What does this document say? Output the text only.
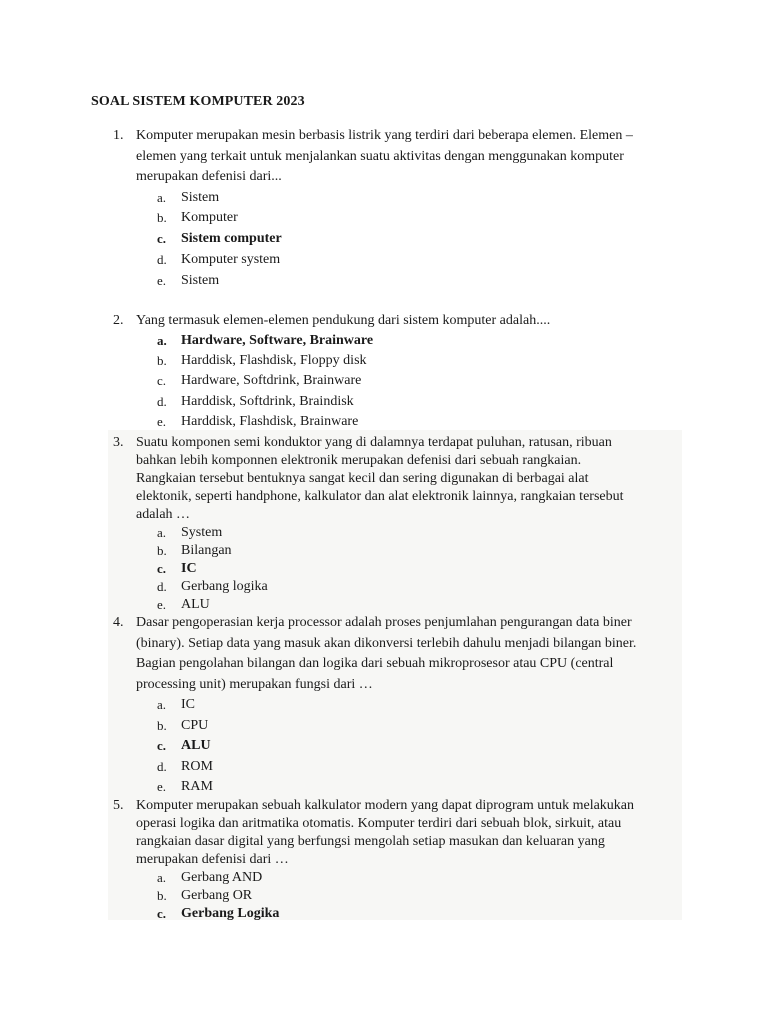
SOAL SISTEM KOMPUTER 2023
1. Komputer merupakan mesin berbasis listrik yang terdiri dari beberapa elemen. Elemen –
elemen yang terkait untuk menjalankan suatu aktivitas dengan menggunakan komputer
merupakan defenisi dari...
a. Sistem
b. Komputer
c. Sistem computer
d. Komputer system
e. Sistem
2. Yang termasuk elemen-elemen pendukung dari sistem komputer adalah....
a. Hardware, Software, Brainware
b. Harddisk, Flashdisk, Floppy disk
c. Hardware, Softdrink, Brainware
d. Harddisk, Softdrink, Braindisk
e. Harddisk, Flashdisk, Brainware
3. Suatu komponen semi konduktor yang di dalamnya terdapat puluhan, ratusan, ribuan
bahkan lebih komponnen elektronik merupakan defenisi dari sebuah rangkaian.
Rangkaian tersebut bentuknya sangat kecil dan sering digunakan di berbagai alat
elektonik, seperti handphone, kalkulator dan alat elektronik lainnya, rangkaian tersebut
adalah …
a. System
b. Bilangan
c. IC
d. Gerbang logika
e. ALU
4. Dasar pengoperasian kerja processor adalah proses penjumlahan pengurangan data biner
(binary). Setiap data yang masuk akan dikonversi terlebih dahulu menjadi bilangan biner.
Bagian pengolahan bilangan dan logika dari sebuah mikroprosesor atau CPU (central
processing unit) merupakan fungsi dari …
a. IC
b. CPU
c. ALU
d. ROM
e. RAM
5. Komputer merupakan sebuah kalkulator modern yang dapat diprogram untuk melakukan
operasi logika dan aritmatika otomatis. Komputer terdiri dari sebuah blok, sirkuit, atau
rangkaian dasar digital yang berfungsi mengolah setiap masukan dan keluaran yang
merupakan defenisi dari …
a. Gerbang AND
b. Gerbang OR
c. Gerbang Logika
